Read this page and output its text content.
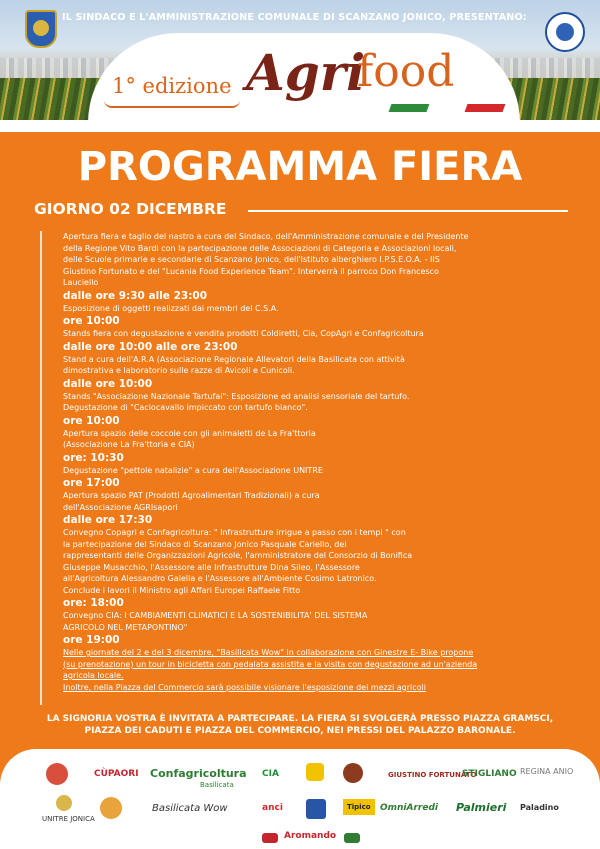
IL SINDACO E L'AMMINISTRAZIONE COMUNALE DI SCANZANO JONICO, PRESENTANO:
1° edizione Agri
food
PROGRAMMA FIERA
GIORNO 02 DICEMBRE
Apertura fiera e taglio del nastro a cura del Sindaco, dell'Amministrazione comunale e del Presidente
della Regione Vito Bardi con la partecipazione delle Associazioni di Categoria e Associazioni locali,
delle Scuole primarie e secondarie di Scanzano Jonico, dell'Istituto alberghiero I.P.S.E.O.A. - IIS
Giustino Fortunato e del "Lucania Food Experience Team". Interverrà il parroco Don Francesco
Lauciello
dalle ore 9:30 alle 23:00
Esposizione di oggetti realizzati dai membri del C.S.A.
ore 10:00
Stands fiera con degustazione e vendita prodotti Coldiretti, Cia, CopAgri e Confagricoltura
dalle ore 10:00 alle ore 23:00
Stand a cura dell'A.R.A (Associazione Regionale Allevatori della Basilicata con attività
dimostrativa e laboratorio sulle razze di Avicoli e Cunicoli.
dalle ore 10:00
Stands "Associazione Nazionale Tartufai": Esposizione ed analisi sensoriale del tartufo.
Degustazione di "Caciocavallo impiccato con tartufo bianco".
ore 10:00
Apertura spazio delle coccole con gli animaletti de La Fra'ttoria
(Associazione La Fra'ttoria e CIA)
ore: 10:30
Degustazione "pettole natalizie" a cura dell'Associazione UNITRE
ore 17:00
Apertura spazio PAT (Prodotti Agroalimentari Tradizionali) a cura
dell'Associazione AGRIsapori
dalle ore 17:30
Convegno Copagri e Confagricoltura: " Infrastrutture irrigue a passo con i tempi " con
la partecipazione del Sindaco di Scanzano Jonico Pasquale Cariello, dei
rappresentanti delle Organizzazioni Agricole, l'amministratore del Consorzio di Bonifica
Giuseppe Musacchio, l'Assessore alle Infrastrutture Dina Sileo, l'Assessore
all'Agricoltura Alessandro Galella e l'Assessore all'Ambiente Cosimo Latronico.
Conclude i lavori il Ministro agli Affari Europei Raffaele Fitto
ore: 18:00
Convegno CIA: I CAMBIAMENTI CLIMATICI E LA SOSTENIBILITA' DEL SISTEMA
AGRICOLO NEL METAPONTINO"
ore 19:00
Nelle giornate del 2 e del 3 dicembre, "Basilicata Wow" in collaborazione con Ginestre E- Bike propone
(su prenotazione) un tour in bicicletta con pedalata assistita e la visita con degustazione ad un'azienda
agricola locale.
Inoltre, nella Piazza del Commercio sarà possibile visionare l'esposizione dei mezzi agricoli
LA SIGNORIA VOSTRA È INVITATA A PARTECIPARE. LA FIERA SI SVOLGERÀ PRESSO PIAZZA GRAMSCI,
PIAZZA DEI CADUTI E PIAZZA DEL COMMERCIO, NEI PRESSI DEL PALAZZO BARONALE.
CÙPAORI Confagricoltura
Basilicata
CIA	GIUSTINO FORTUNATO
STIGLIANO REGINA ANIO
UNITRE JONICA
Basilicata Wow	anci	Tipico	OmniArredi Palmieri Paladino
Aromando
